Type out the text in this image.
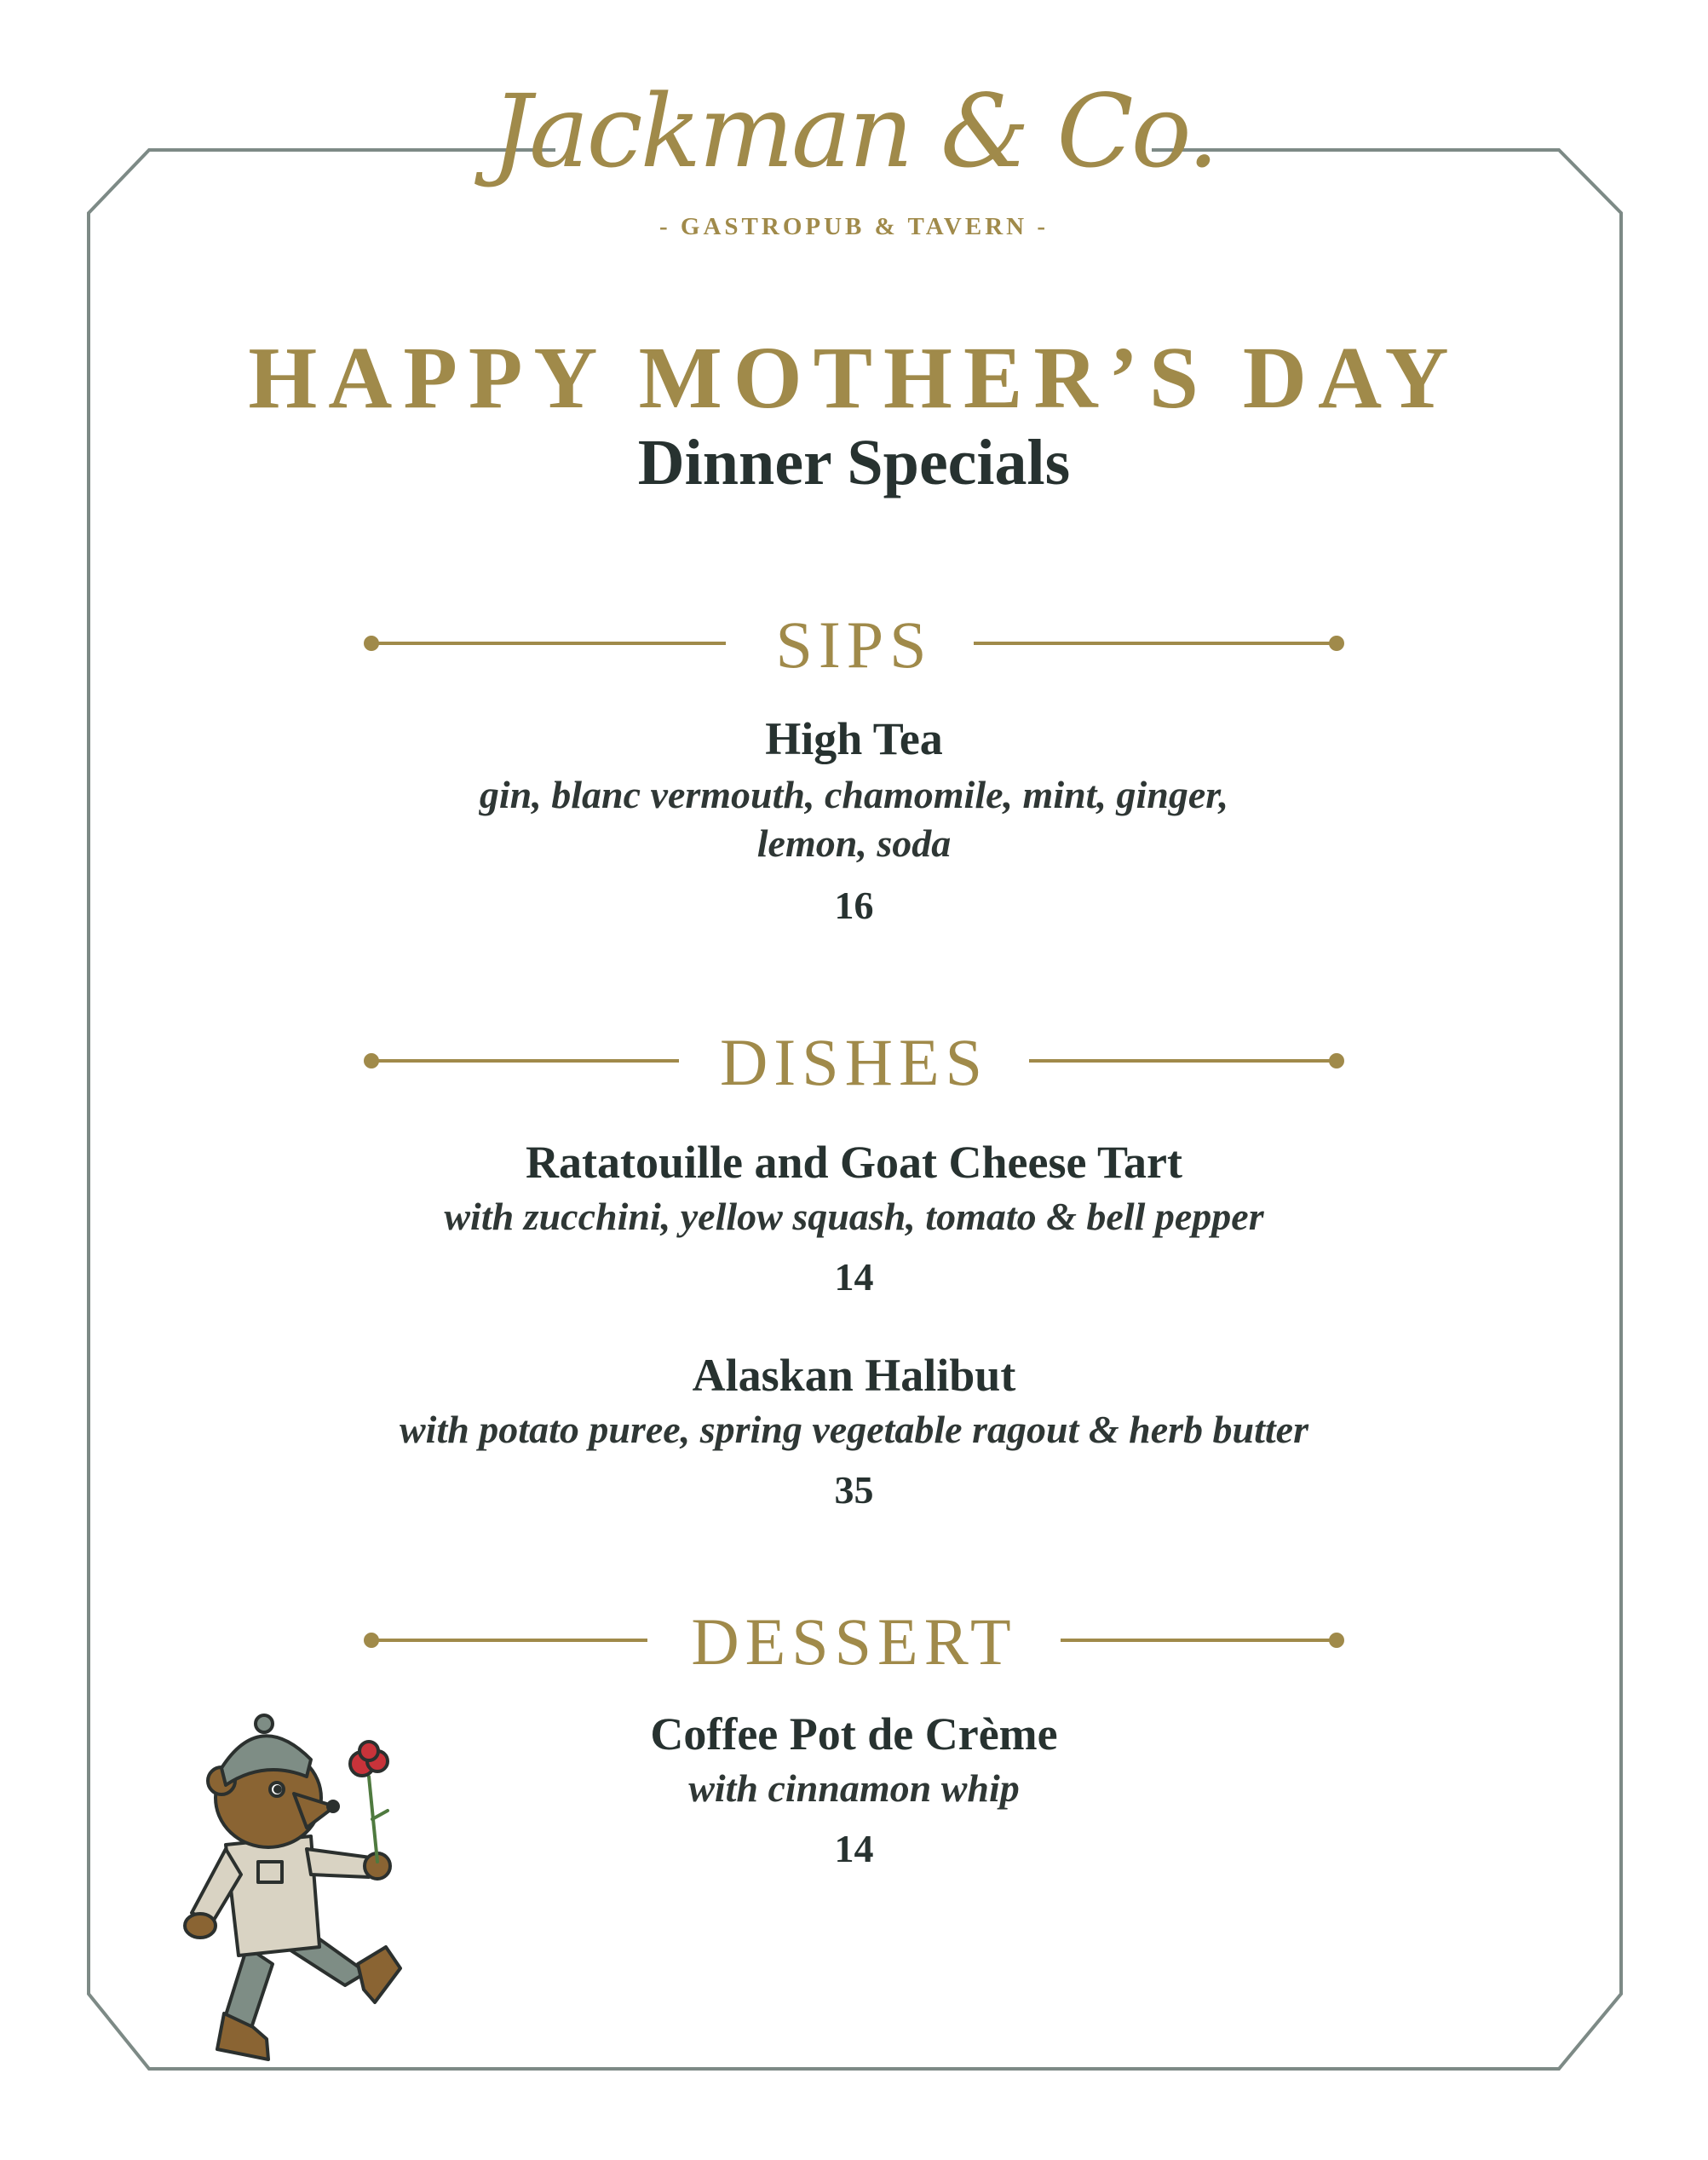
Jackman & Co.
- GASTROPUB & TAVERN -
HAPPY MOTHER’S DAY
Dinner Specials
SIPS
High Tea
gin, blanc vermouth, chamomile, mint, ginger,
lemon, soda
16
DISHES
Ratatouille and Goat Cheese Tart
with zucchini, yellow squash, tomato & bell pepper
14
Alaskan Halibut
with potato puree, spring vegetable ragout & herb butter
35
DESSERT
Coffee Pot de Crème
with cinnamon whip
14
